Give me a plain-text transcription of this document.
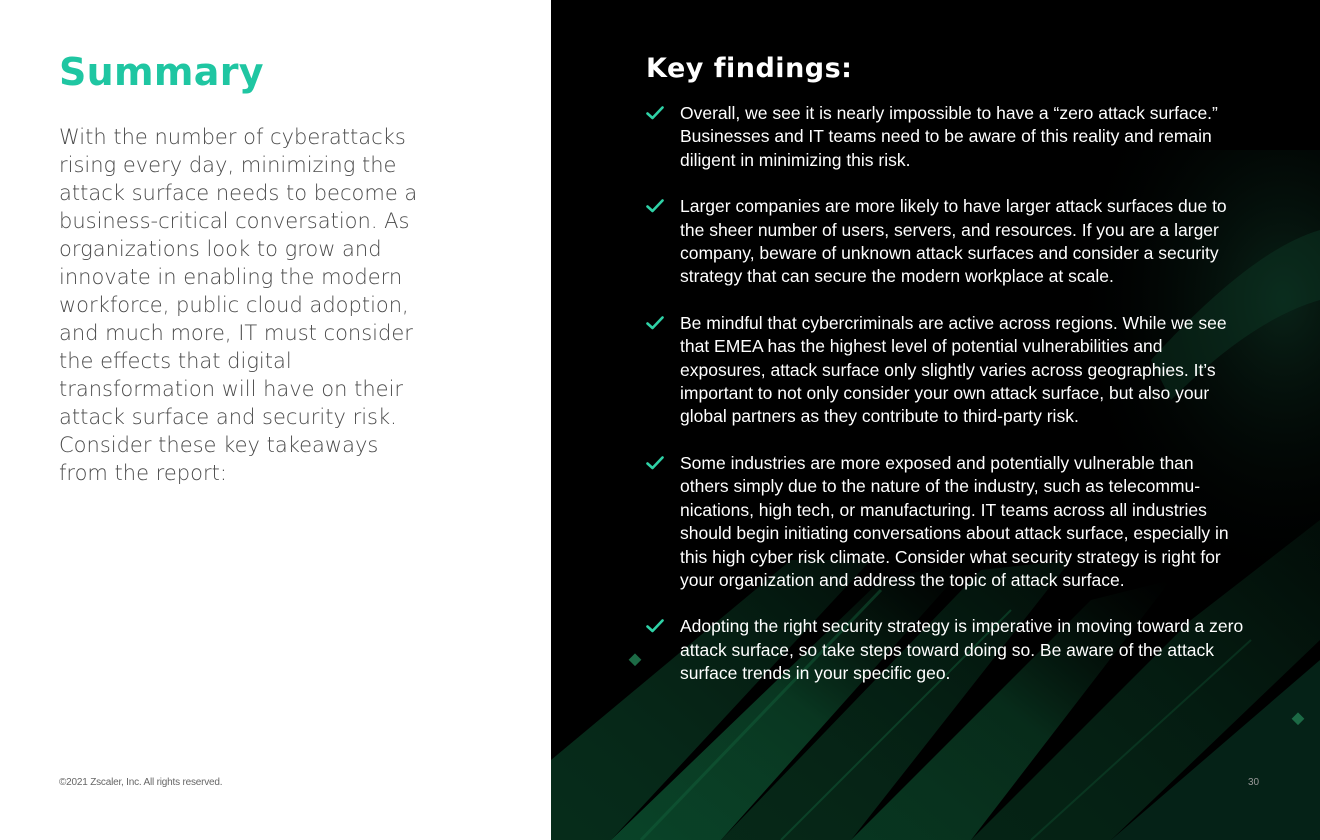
Summary

With the number of cyberattacks rising every day, minimizing the attack surface needs to become a business-critical conversation. As organizations look to grow and innovate in enabling the modern workforce, public cloud adoption, and much more, IT must consider the effects that digital transformation will have on their attack surface and security risk. Consider these key takeaways from the report:

©2021 Zscaler, Inc. All rights reserved.
Key findings:
Overall, we see it is nearly impossible to have a “zero attack surface.” Businesses and IT teams need to be aware of this reality and remain diligent in minimizing this risk.
Larger companies are more likely to have larger attack surfaces due to the sheer number of users, servers, and resources. If you are a larger company, beware of unknown attack surfaces and consider a security strategy that can secure the modern workplace at scale.
Be mindful that cybercriminals are active across regions. While we see that EMEA has the highest level of potential vulnerabilities and exposures, attack surface only slightly varies across geographies. It’s important to not only consider your own attack surface, but also your global partners as they contribute to third-party risk.
Some industries are more exposed and potentially vulnerable than others simply due to the nature of the industry, such as telecommu-nications, high tech, or manufacturing. IT teams across all industries should begin initiating conversations about attack surface, especially in this high cyber risk climate. Consider what security strategy is right for your organization and address the topic of attack surface.
Adopting the right security strategy is imperative in moving toward a zero attack surface, so take steps toward doing so. Be aware of the attack surface trends in your specific geo.
30
